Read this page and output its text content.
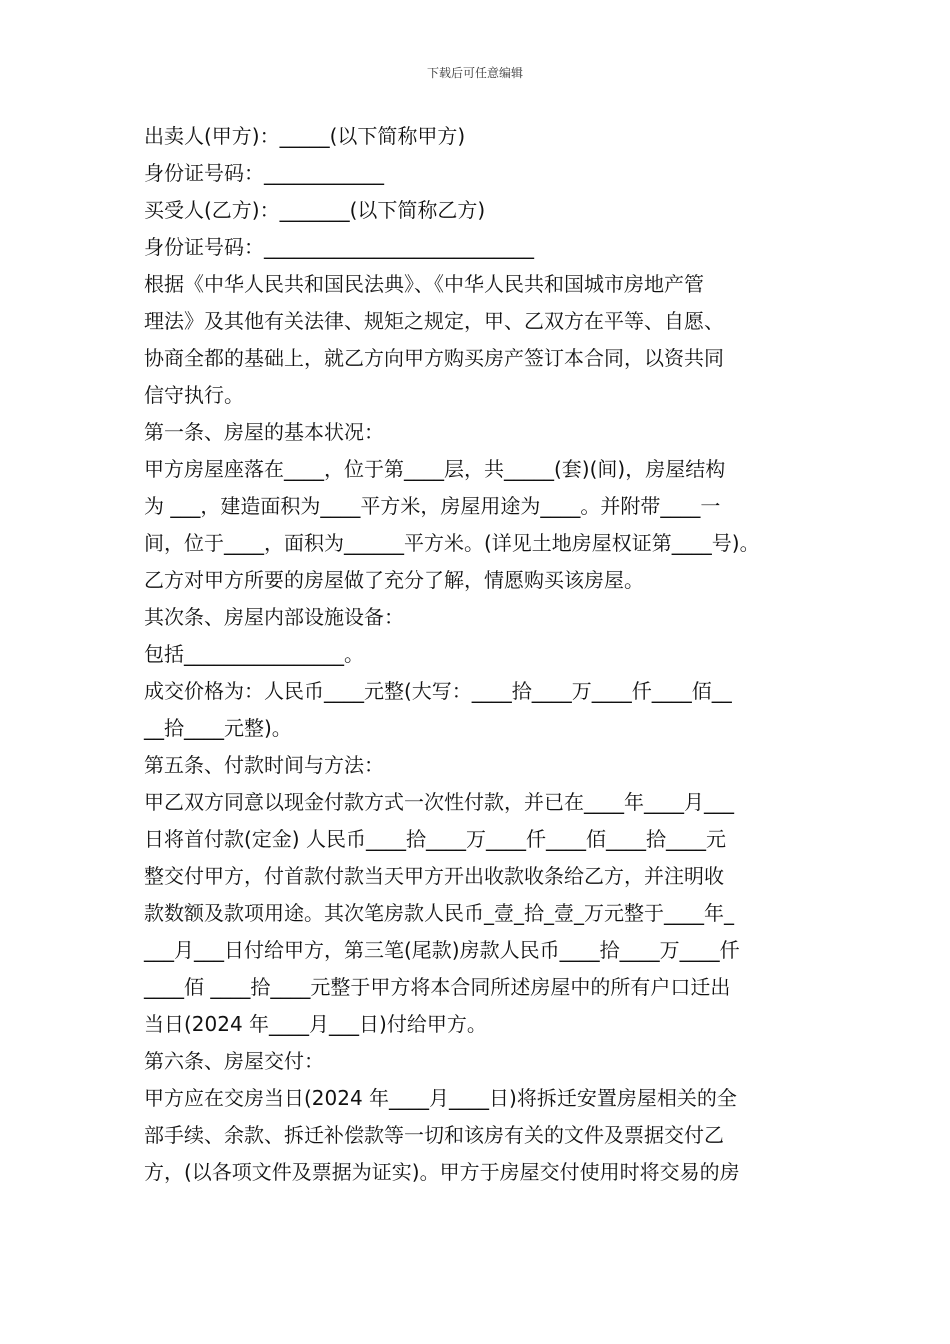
下载后可任意编辑
出卖人(甲方)：_____(以下简称甲方)
身份证号码：____________
买受人(乙方)：_______(以下简称乙方)
身份证号码：___________________________
根据《中华人民共和国民法典》、《中华人民共和国城市房地产管
理法》及其他有关法律、规矩之规定，甲、乙双方在平等、自愿、
协商全都的基础上，就乙方向甲方购买房产签订本合同，以资共同
信守执行。
第一条、房屋的基本状况：
甲方房屋座落在____，位于第____层，共_____(套)(间)，房屋结构
为 ___，建造面积为____平方米，房屋用途为____。并附带____一
间，位于____，面积为______平方米。(详见土地房屋权证第____号)。
乙方对甲方所要的房屋做了充分了解，情愿购买该房屋。
其次条、房屋内部设施设备：
包括________________。
成交价格为：人民币____元整(大写：____拾____万____仟____佰__
__拾____元整)。
第五条、付款时间与方法：
甲乙双方同意以现金付款方式一次性付款，并已在____年____月___
日将首付款(定金) 人民币____拾____万____仟____佰____拾____元
整交付甲方，付首款付款当天甲方开出收款收条给乙方，并注明收
款数额及款项用途。其次笔房款人民币_壹_拾_壹_万元整于____年_
___月___日付给甲方，第三笔(尾款)房款人民币____拾____万____仟
____佰 ____拾____元整于甲方将本合同所述房屋中的所有户口迁出
当日(2024 年____月___日)付给甲方。
第六条、房屋交付：
甲方应在交房当日(2024 年____月____日)将拆迁安置房屋相关的全
部手续、余款、拆迁补偿款等一切和该房有关的文件及票据交付乙
方，(以各项文件及票据为证实)。甲方于房屋交付使用时将交易的房
